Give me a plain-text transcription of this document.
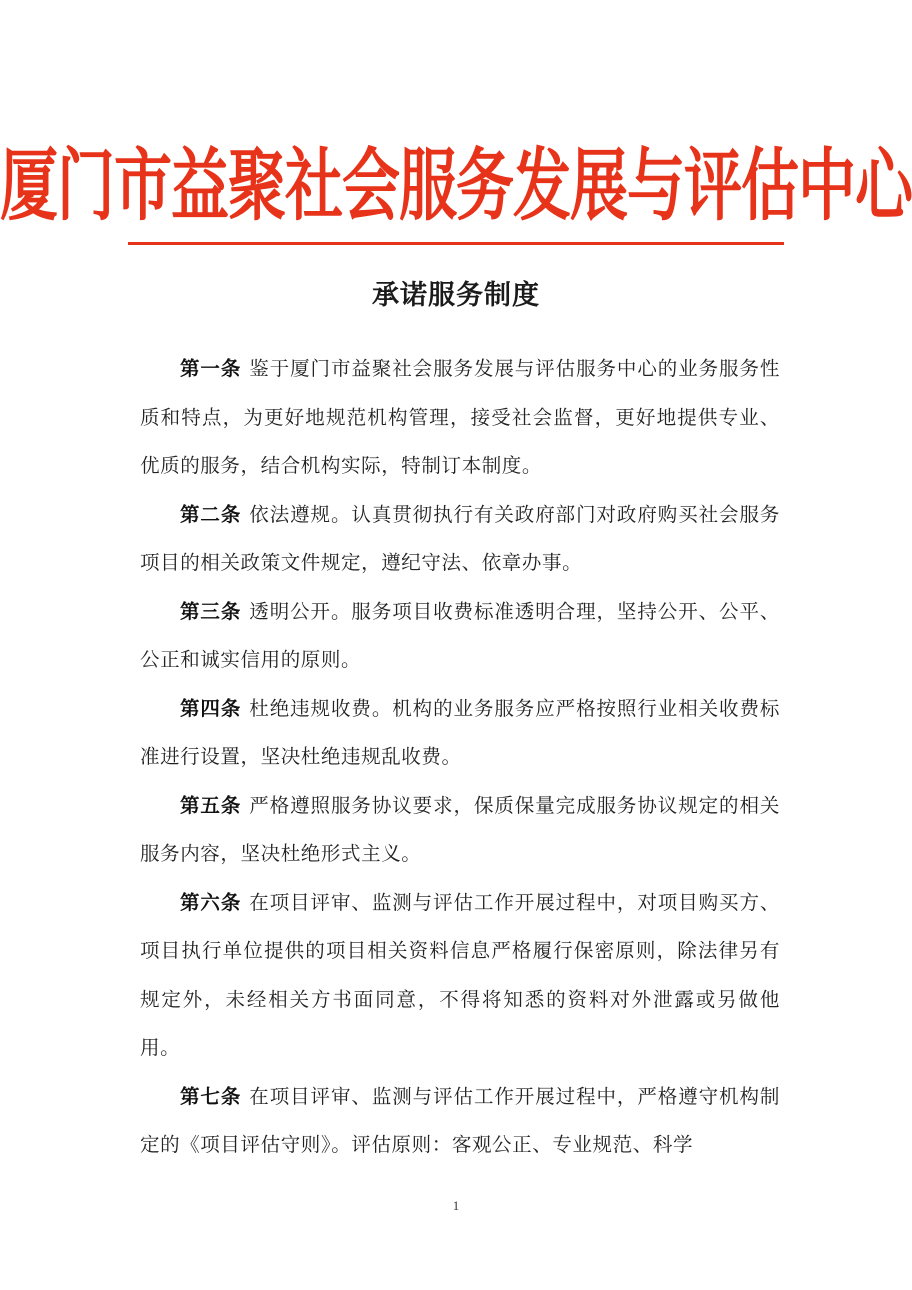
厦门市益聚社会服务发展与评估中心
承诺服务制度

第一条 鉴于厦门市益聚社会服务发展与评估服务中心的业务服务性质和特点，为更好地规范机构管理，接受社会监督，更好地提供专业、优质的服务，结合机构实际，特制订本制度。

第二条 依法遵规。认真贯彻执行有关政府部门对政府购买社会服务项目的相关政策文件规定，遵纪守法、依章办事。

第三条 透明公开。服务项目收费标准透明合理，坚持公开、公平、公正和诚实信用的原则。

第四条 杜绝违规收费。机构的业务服务应严格按照行业相关收费标准进行设置，坚决杜绝违规乱收费。

第五条 严格遵照服务协议要求，保质保量完成服务协议规定的相关服务内容，坚决杜绝形式主义。

第六条 在项目评审、监测与评估工作开展过程中，对项目购买方、项目执行单位提供的项目相关资料信息严格履行保密原则，除法律另有规定外，未经相关方书面同意，不得将知悉的资料对外泄露或另做他用。

第七条 在项目评审、监测与评估工作开展过程中，严格遵守机构制定的《项目评估守则》。评估原则：客观公正、专业规范、科学

1
